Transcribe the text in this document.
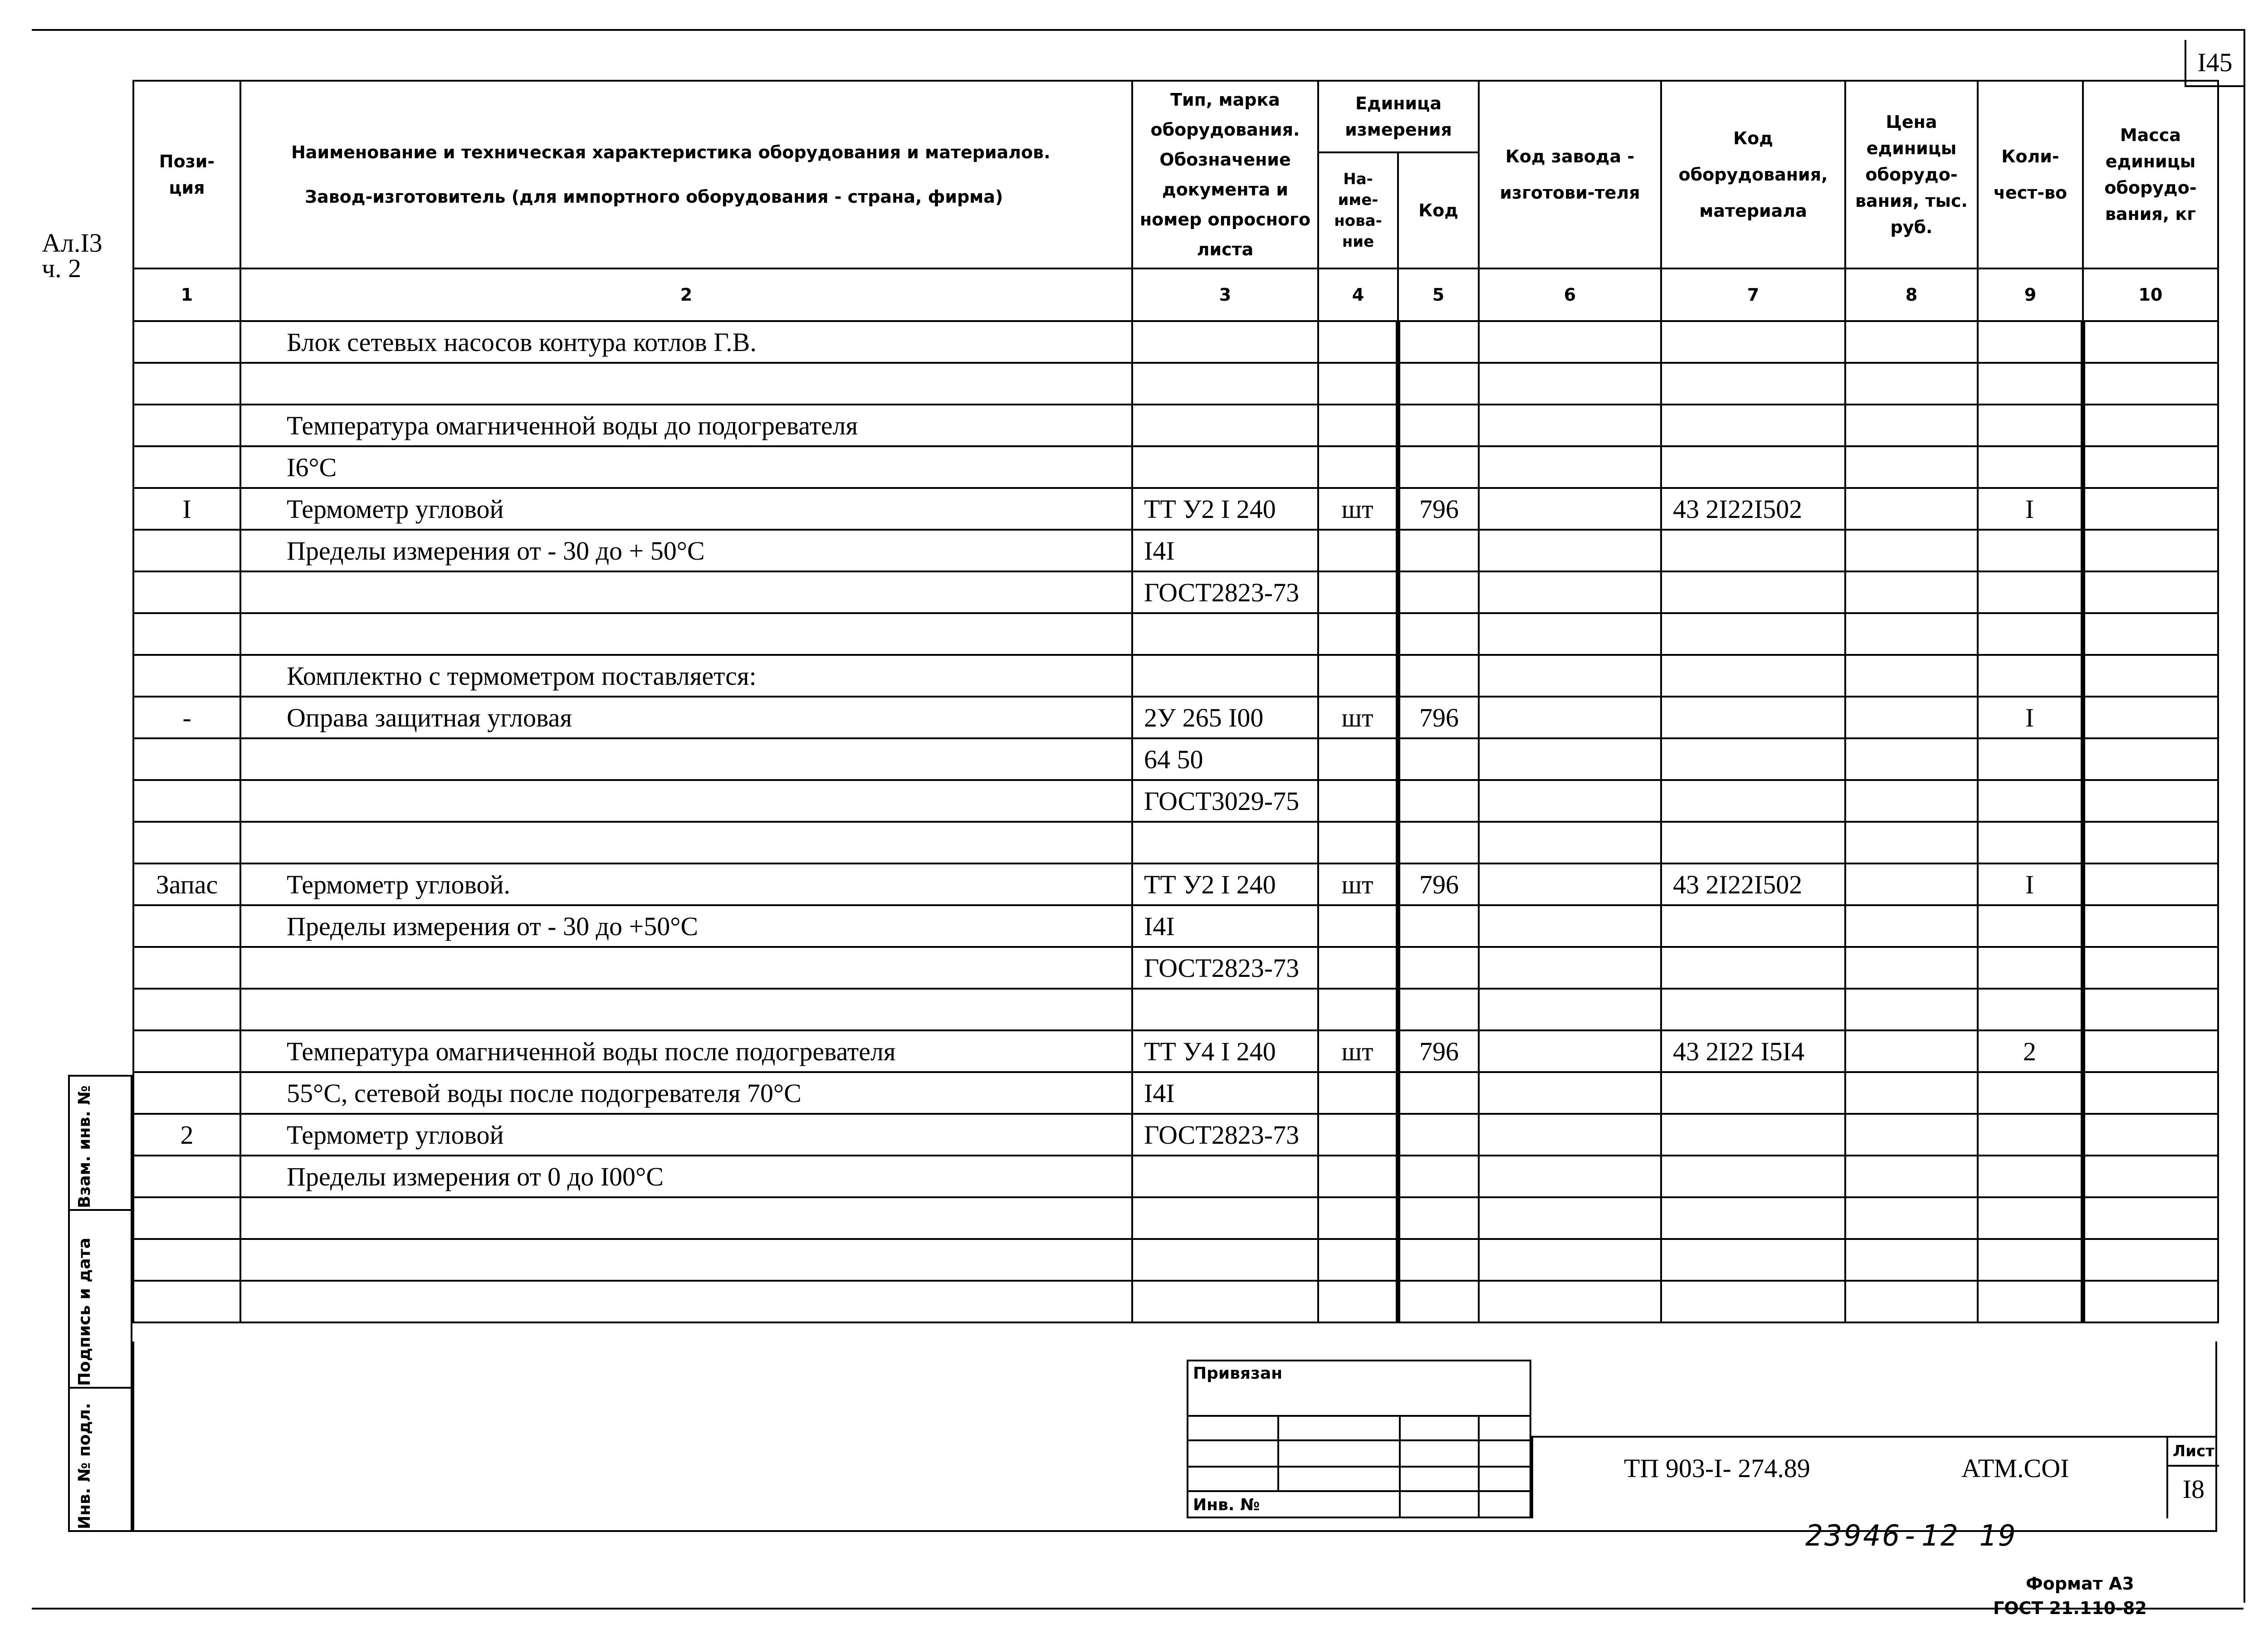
I45
Ал.I3
ч. 2
Пози- ция	Наименование и техническая характеристика оборудования и материалов.
Завод-изготовитель (для импортного оборудования - страна, фирма)	Тип, марка оборудования. Обозначение документа и номер опросного листа	Единица измерения		Код завода - изготови-теля	Код оборудования, материала	Цена единицы оборудо-вания, тыс. руб.	Коли-чест-во	Масса единицы оборудо-вания, кг
			На-име-нова-ние	Код					
1	2	3	4	5	6	7	8	9	10
	Блок сетевых насосов контура котлов Г.В.								

	Температура омагниченной воды до подогревателя								
	I6°C								
I	Термометр угловой	ТТ У2 I 240	шт	796		43 2I22I502		I	
	Пределы измерения от - 30 до + 50°C	I4I							
		ГОСТ2823-73							

	Комплектно с термометром поставляется:								
-	Оправа защитная угловая	2У 265 I00	шт	796				I	
		64 50							
		ГОСТ3029-75							

Запас	Термометр угловой.	ТТ У2 I 240	шт	796		43 2I22I502		I	
	Пределы измерения от - 30 до +50°C	I4I							
		ГОСТ2823-73							

	Температура омагниченной воды после подогревателя	ТТ У4 I 240	шт	796		43 2I22 I5I4		2	
	55°C, сетевой воды после подогревателя 70°C	I4I							
2	Термометр угловой	ГОСТ2823-73							
	Пределы измерения от 0 до I00°C								

Взам. инв. №
Подпись и дата
Инв. № подл.
Привязан
Инв. №
ТП 903-I- 274.89	АТМ.COI
Лист
I8
23946-12 19
Формат А3
ГОСТ 21.110-82
